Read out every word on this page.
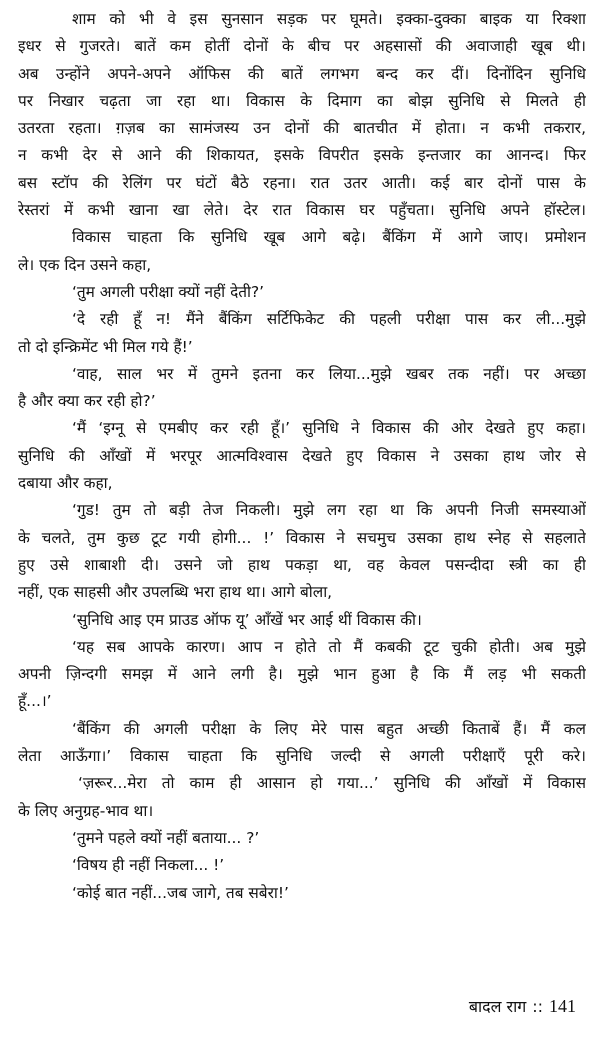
शाम को भी वे इस सुनसान सड़क पर घूमते। इक्का-दुक्का बाइक या रिक्शा
इधर से गुजरते। बातें कम होतीं दोनों के बीच पर अहसासों की अवाजाही खूब थी।
अब उन्होंने अपने-अपने ऑफिस की बातें लगभग बन्द कर दीं। दिनोंदिन सुनिधि
पर निखार चढ़ता जा रहा था। विकास के दिमाग का बोझ सुनिधि से मिलते ही
उतरता रहता। ग़ज़ब का सामंजस्य उन दोनों की बातचीत में होता। न कभी तकरार,
न कभी देर से आने की शिकायत, इसके विपरीत इसके इन्तजार का आनन्द। फिर
बस स्टॉप की रेलिंग पर घंटों बैठे रहना। रात उतर आती। कई बार दोनों पास के
रेस्तरां में कभी खाना खा लेते। देर रात विकास घर पहुँचता। सुनिधि अपने हॉस्टेल।
विकास चाहता कि सुनिधि खूब आगे बढ़े। बैंकिंग में आगे जाए। प्रमोशन
ले। एक दिन उसने कहा,
‘तुम अगली परीक्षा क्यों नहीं देती?’
‘दे रही हूँ न! मैंने बैंकिंग सर्टिफिकेट की पहली परीक्षा पास कर ली...मुझे
तो दो इन्क्रिमेंट भी मिल गये हैं!’
‘वाह, साल भर में तुमने इतना कर लिया...मुझे खबर तक नहीं। पर अच्छा
है और क्या कर रही हो?’
‘मैं ‘इग्नू से एमबीए कर रही हूँ।’ सुनिधि ने विकास की ओर देखते हुए कहा।
सुनिधि की आँखों में भरपूर आत्मविश्वास देखते हुए विकास ने उसका हाथ जोर से
दबाया और कहा,
‘गुड! तुम तो बड़ी तेज निकली। मुझे लग रहा था कि अपनी निजी समस्याओं
के चलते, तुम कुछ टूट गयी होगी... !’ विकास ने सचमुच उसका हाथ स्नेह से सहलाते
हुए उसे शाबाशी दी। उसने जो हाथ पकड़ा था, वह केवल पसन्दीदा स्त्री का ही
नहीं, एक साहसी और उपलब्धि भरा हाथ था। आगे बोला,
‘सुनिधि आइ एम प्राउड ऑफ यू’ आँखें भर आई थीं विकास की।
‘यह सब आपके कारण। आप न होते तो मैं कबकी टूट चुकी होती। अब मुझे
अपनी ज़िन्दगी समझ में आने लगी है। मुझे भान हुआ है कि मैं लड़ भी सकती
हूँ...।’
‘बैंकिंग की अगली परीक्षा के लिए मेरे पास बहुत अच्छी किताबें हैं। मैं कल
लेता आऊँगा।’ विकास चाहता कि सुनिधि जल्दी से अगली परीक्षाएँ पूरी करे।
‘ज़रूर...मेरा तो काम ही आसान हो गया...’ सुनिधि की आँखों में विकास
के लिए अनुग्रह-भाव था।
‘तुमने पहले क्यों नहीं बताया... ?’
‘विषय ही नहीं निकला... !’
‘कोई बात नहीं...जब जागे, तब सबेरा!’
बादल राग :: 141
